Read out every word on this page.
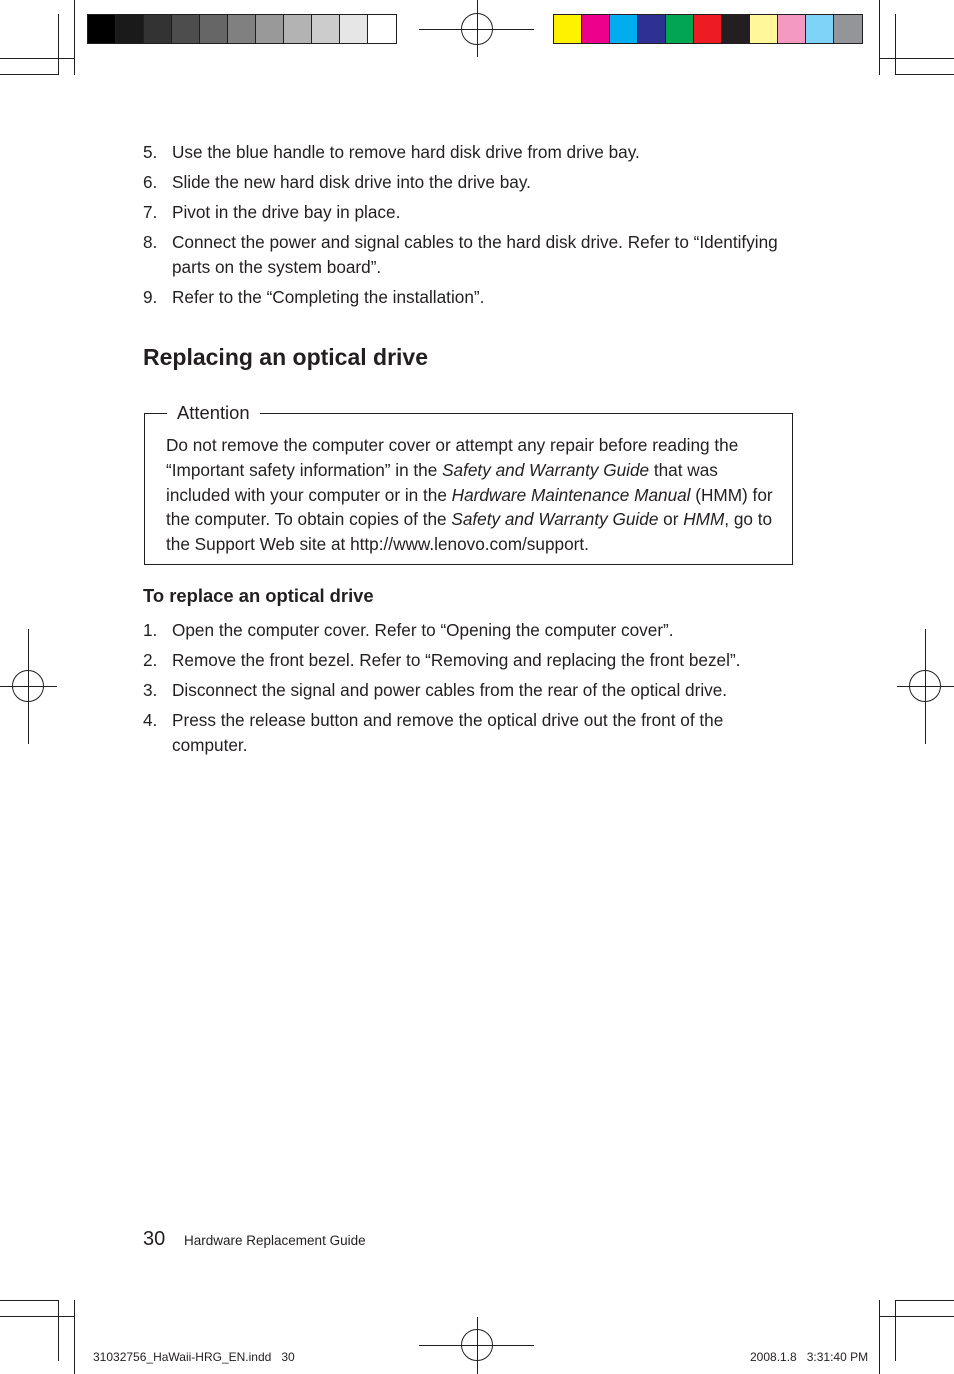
5. Use the blue handle to remove hard disk drive from drive bay.
6. Slide the new hard disk drive into the drive bay.
7. Pivot in the drive bay in place.
8. Connect the power and signal cables to the hard disk drive. Refer to “Identifying parts on the system board”.
9. Refer to the “Completing the installation”.
Replacing an optical drive
Attention

Do not remove the computer cover or attempt any repair before reading the “Important safety information” in the Safety and Warranty Guide that was included with your computer or in the Hardware Maintenance Manual (HMM) for the computer. To obtain copies of the Safety and Warranty Guide or HMM, go to the Support Web site at http://www.lenovo.com/support.

To replace an optical drive
1. Open the computer cover. Refer to “Opening the computer cover”.
2. Remove the front bezel. Refer to “Removing and replacing the front bezel”.
3. Disconnect the signal and power cables from the rear of the optical drive.
4. Press the release button and remove the optical drive out the front of the computer.
30 Hardware Replacement Guide
31032756_HaWaii-HRG_EN.indd   30	2008.1.8   3:31:40 PM
